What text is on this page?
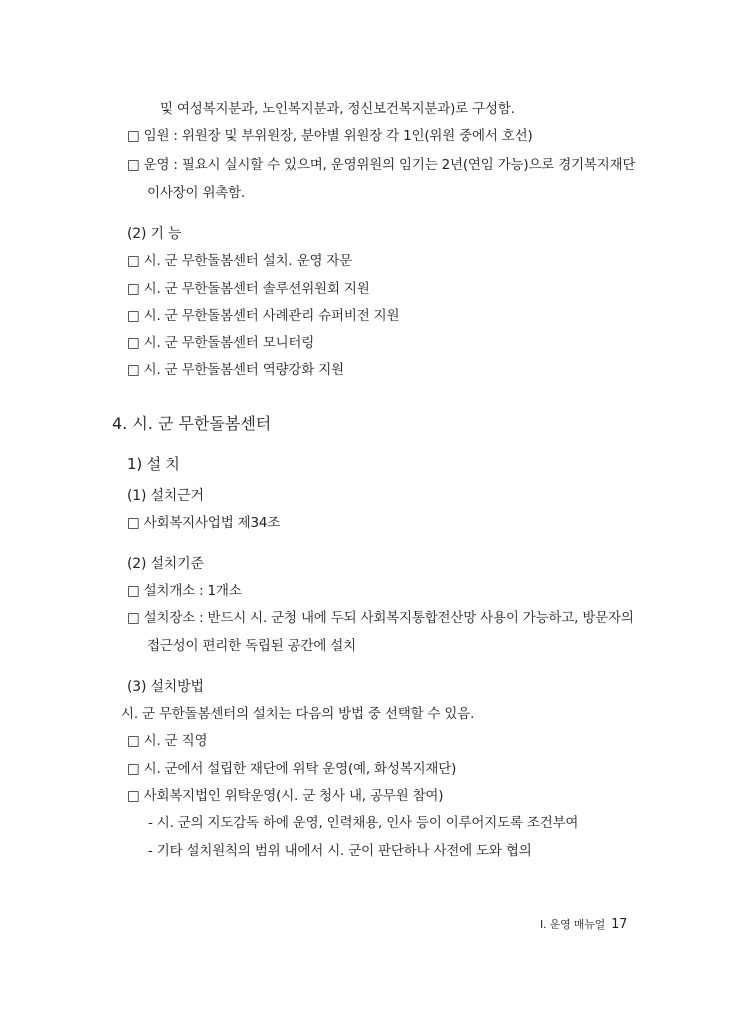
및 여성복지분과, 노인복지분과, 정신보건복지분과)로 구성함.
□ 임원 : 위원장 및 부위원장, 분야별 위원장 각 1인(위원 중에서 호선)
□ 운영 : 필요시 실시할 수 있으며, 운영위원의 임기는 2년(연임 가능)으로 경기복지재단
이사장이 위촉함.
(2) 기 능
□ 시. 군 무한돌봄센터 설치. 운영 자문
□ 시. 군 무한돌봄센터 솔루션위원회 지원
□ 시. 군 무한돌봄센터 사례관리 슈퍼비전 지원
□ 시. 군 무한돌봄센터 모니터링
□ 시. 군 무한돌봄센터 역량강화 지원
4. 시. 군 무한돌봄센터
1) 설 치
(1) 설치근거
□ 사회복지사업법 제34조
(2) 설치기준
□ 설치개소 : 1개소
□ 설치장소 : 반드시 시. 군청 내에 두되 사회복지통합전산망 사용이 가능하고, 방문자의
접근성이 편리한 독립된 공간에 설치
(3) 설치방법
시. 군 무한돌봄센터의 설치는 다음의 방법 중 선택할 수 있음.
□ 시. 군 직영
□ 시. 군에서 설립한 재단에 위탁 운영(예, 화성복지재단)
□ 사회복지법인 위탁운영(시. 군 청사 내, 공무원 참여)
- 시. 군의 지도감독 하에 운영, 인력채용, 인사 등이 이루어지도록 조건부여
- 기타 설치원칙의 범위 내에서 시. 군이 판단하나 사전에 도와 협의
Ⅰ. 운영 매뉴얼 17
